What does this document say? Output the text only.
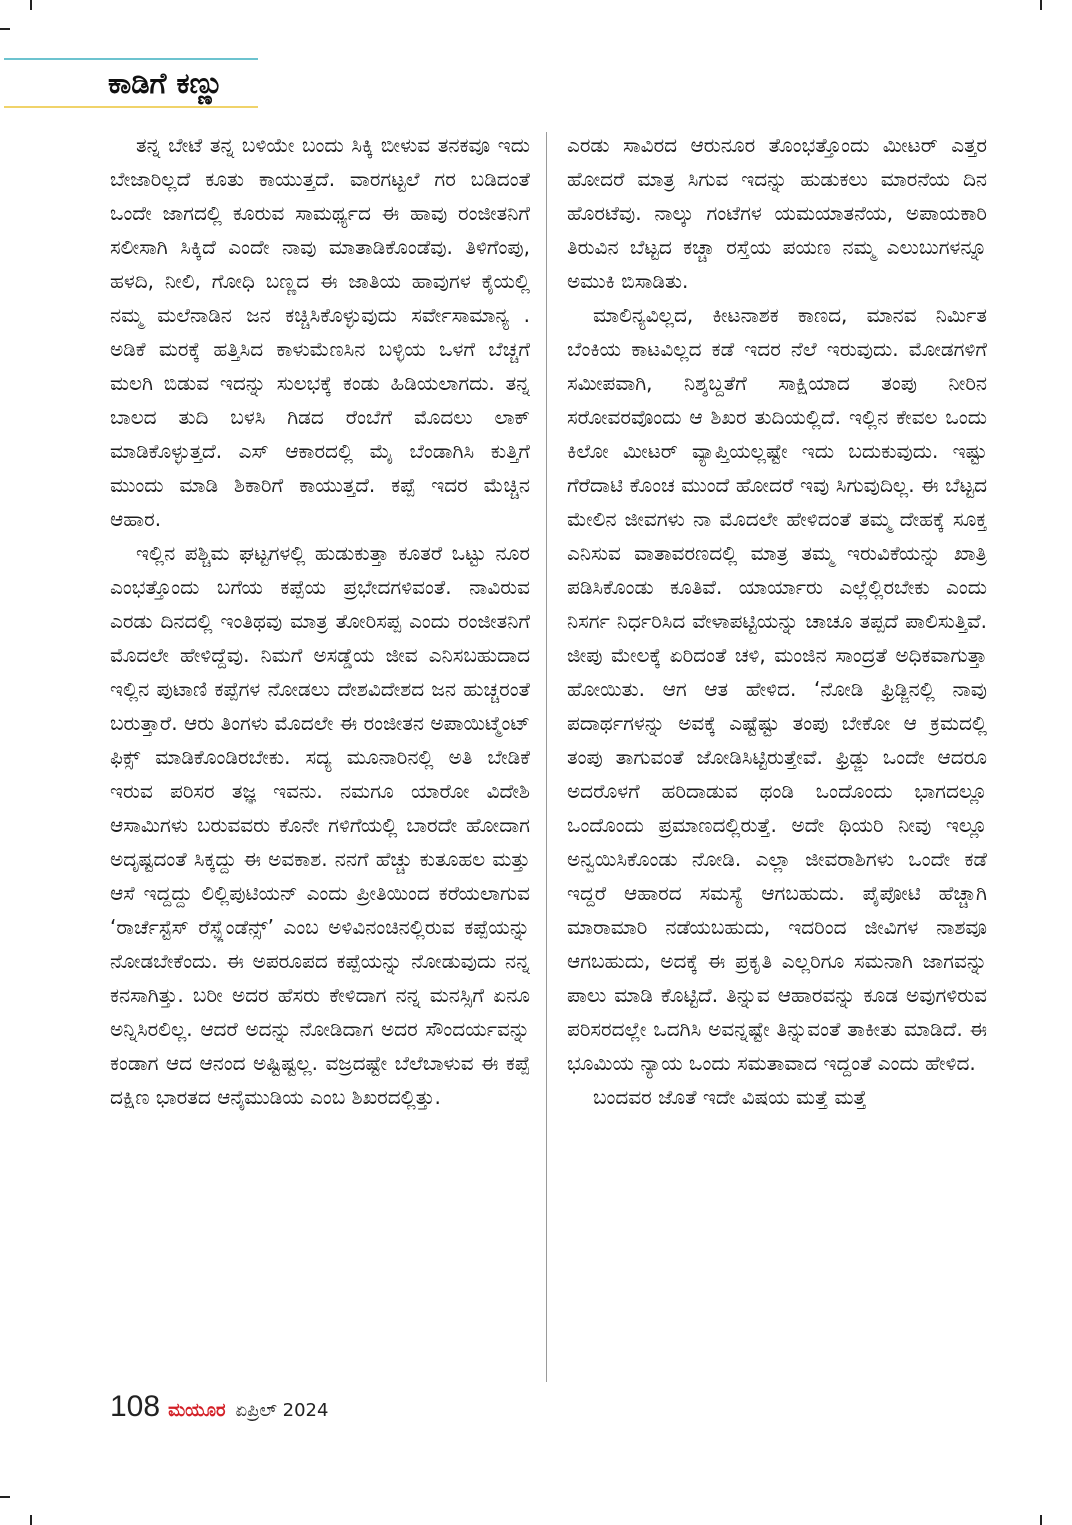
ಕಾಡಿಗೆ ಕಣ್ಣು

ತನ್ನ ಬೇಟೆ ತನ್ನ ಬಳಿಯೇ ಬಂದು ಸಿಕ್ಕಿ ಬೀಳುವ ತನಕವೂ ಇದು ಬೇಜಾರಿಲ್ಲದೆ ಕೂತು ಕಾಯುತ್ತದೆ. ವಾರಗಟ್ಟಲೆ ಗರ ಬಡಿದಂತೆ ಒಂದೇ ಜಾಗದಲ್ಲಿ ಕೂರುವ ಸಾಮರ್ಥ್ಯದ ಈ ಹಾವು ರಂಜೀತನಿಗೆ ಸಲೀಸಾಗಿ ಸಿಕ್ಕಿದೆ ಎಂದೇ ನಾವು ಮಾತಾಡಿಕೊಂಡೆವು. ತಿಳಿಗೆಂಪು, ಹಳದಿ, ನೀಲಿ, ಗೋಧಿ ಬಣ್ಣದ ಈ ಜಾತಿಯ ಹಾವುಗಳ ಕೈಯಲ್ಲಿ ನಮ್ಮ ಮಲೆನಾಡಿನ ಜನ ಕಚ್ಚಿಸಿಕೊಳ್ಳುವುದು ಸರ್ವೇಸಾಮಾನ್ಯ . ಅಡಿಕೆ ಮರಕ್ಕೆ ಹತ್ತಿಸಿದ ಕಾಳುಮೆಣಸಿನ ಬಳ್ಳಿಯ ಒಳಗೆ ಬೆಚ್ಚಗೆ ಮಲಗಿ ಬಿಡುವ ಇದನ್ನು ಸುಲಭಕ್ಕೆ ಕಂಡು ಹಿಡಿಯಲಾಗದು. ತನ್ನ ಬಾಲದ ತುದಿ ಬಳಸಿ ಗಿಡದ ರೆಂಬೆಗೆ ಮೊದಲು ಲಾಕ್ ಮಾಡಿಕೊಳ್ಳುತ್ತದೆ. ಎಸ್ ಆಕಾರದಲ್ಲಿ ಮೈ ಬೆಂಡಾಗಿಸಿ ಕುತ್ತಿಗೆ ಮುಂದು ಮಾಡಿ ಶಿಕಾರಿಗೆ ಕಾಯುತ್ತದೆ. ಕಪ್ಪೆ ಇದರ ಮೆಚ್ಚಿನ ಆಹಾರ.

ಇಲ್ಲಿನ ಪಶ್ಚಿಮ ಘಟ್ಟಗಳಲ್ಲಿ ಹುಡುಕುತ್ತಾ ಕೂತರೆ ಒಟ್ಟು ನೂರ ಎಂಭತ್ತೊಂದು ಬಗೆಯ ಕಪ್ಪೆಯ ಪ್ರಭೇದಗಳಿವಂತೆ. ನಾವಿರುವ ಎರಡು ದಿನದಲ್ಲಿ ಇಂತಿಥವು ಮಾತ್ರ ತೋರಿಸಪ್ಪ ಎಂದು ರಂಜೀತನಿಗೆ ಮೊದಲೇ ಹೇಳಿದ್ದೆವು. ನಿಮಗೆ ಅಸಡ್ಡೆಯ ಜೀವ ಎನಿಸಬಹುದಾದ ಇಲ್ಲಿನ ಪುಟಾಣಿ ಕಪ್ಪೆಗಳ ನೋಡಲು ದೇಶವಿದೇಶದ ಜನ ಹುಚ್ಚರಂತೆ ಬರುತ್ತಾರೆ. ಆರು ತಿಂಗಳು ಮೊದಲೇ ಈ ರಂಜೀತನ ಅಪಾಯಿಟ್ಮೆಂಟ್ ಫಿಕ್ಸ್ ಮಾಡಿಕೊಂಡಿರಬೇಕು. ಸದ್ಯ ಮೂನಾರಿನಲ್ಲಿ ಅತಿ ಬೇಡಿಕೆ ಇರುವ ಪರಿಸರ ತಜ್ಞ ಇವನು. ನಮಗೂ ಯಾರೋ ವಿದೇಶಿ ಆಸಾಮಿಗಳು ಬರುವವರು ಕೊನೇ ಗಳಿಗೆಯಲ್ಲಿ ಬಾರದೇ ಹೋದಾಗ ಅದೃಷ್ಟದಂತೆ ಸಿಕ್ಕದ್ದು ಈ ಅವಕಾಶ. ನನಗೆ ಹೆಚ್ಚು ಕುತೂಹಲ ಮತ್ತು ಆಸೆ ಇದ್ದದ್ದು ಲಿಲ್ಲಿಪುಟಿಯನ್ ಎಂದು ಪ್ರೀತಿಯಿಂದ ಕರೆಯಲಾಗುವ ‘ರಾರ್ಚೆಸ್ಟೆಸ್ ರೆಸ್ಪ್ಲೆಂಡೆನ್ಸ್’ ಎಂಬ ಅಳಿವಿನಂಚಿನಲ್ಲಿರುವ ಕಪ್ಪೆಯನ್ನು ನೋಡಬೇಕೆಂದು. ಈ ಅಪರೂಪದ ಕಪ್ಪೆಯನ್ನು ನೋಡುವುದು ನನ್ನ ಕನಸಾಗಿತ್ತು. ಬರೀ ಅದರ ಹೆಸರು ಕೇಳಿದಾಗ ನನ್ನ ಮನಸ್ಸಿಗೆ ಏನೂ ಅನ್ನಿಸಿರಲಿಲ್ಲ. ಆದರೆ ಅದನ್ನು ನೋಡಿದಾಗ ಅದರ ಸೌಂದರ್ಯವನ್ನು ಕಂಡಾಗ ಆದ ಆನಂದ ಅಷ್ಟಿಷ್ಟಲ್ಲ. ವಜ್ರದಷ್ಟೇ ಬೆಲೆಬಾಳುವ ಈ ಕಪ್ಪೆ ದಕ್ಷಿಣ ಭಾರತದ ಆನೈಮುಡಿಯ ಎಂಬ ಶಿಖರದಲ್ಲಿತ್ತು.

ಎರಡು ಸಾವಿರದ ಆರುನೂರ ತೊಂಭತ್ತೊಂದು ಮೀಟರ್ ಎತ್ತರ ಹೋದರೆ ಮಾತ್ರ ಸಿಗುವ ಇದನ್ನು ಹುಡುಕಲು ಮಾರನೆಯ ದಿನ ಹೊರಟೆವು. ನಾಲ್ಕು ಗಂಟೆಗಳ ಯಮಯಾತನೆಯ, ಅಪಾಯಕಾರಿ ತಿರುವಿನ ಬೆಟ್ಟದ ಕಚ್ಚಾ ರಸ್ತೆಯ ಪಯಣ ನಮ್ಮ ಎಲುಬುಗಳನ್ನೂ ಅಮುಕಿ ಬಿಸಾಡಿತು.

ಮಾಲಿನ್ಯವಿಲ್ಲದ, ಕೀಟನಾಶಕ ಕಾಣದ, ಮಾನವ ನಿರ್ಮಿತ ಬೆಂಕಿಯ ಕಾಟವಿಲ್ಲದ ಕಡೆ ಇದರ ನೆಲೆ ಇರುವುದು. ಮೋಡಗಳಿಗೆ ಸಮೀಪವಾಗಿ, ನಿಶ್ಶಬ್ದತೆಗೆ ಸಾಕ್ಷಿಯಾದ ತಂಪು ನೀರಿನ ಸರೋವರವೊಂದು ಆ ಶಿಖರ ತುದಿಯಲ್ಲಿದೆ. ಇಲ್ಲಿನ ಕೇವಲ ಒಂದು ಕಿಲೋ ಮೀಟರ್ ವ್ಯಾಪ್ತಿಯಲ್ಲಷ್ಟೇ ಇದು ಬದುಕುವುದು. ಇಷ್ಟು ಗೆರೆದಾಟಿ ಕೊಂಚ ಮುಂದೆ ಹೋದರೆ ಇವು ಸಿಗುವುದಿಲ್ಲ. ಈ ಬೆಟ್ಟದ ಮೇಲಿನ ಜೀವಗಳು ನಾ ಮೊದಲೇ ಹೇಳಿದಂತೆ ತಮ್ಮ ದೇಹಕ್ಕೆ ಸೂಕ್ತ ಎನಿಸುವ ವಾತಾವರಣದಲ್ಲಿ ಮಾತ್ರ ತಮ್ಮ ಇರುವಿಕೆಯನ್ನು ಖಾತ್ರಿ ಪಡಿಸಿಕೊಂಡು ಕೂತಿವೆ. ಯಾರ್ಯಾರು ಎಲ್ಲೆಲ್ಲಿರಬೇಕು ಎಂದು ನಿಸರ್ಗ ನಿರ್ಧರಿಸಿದ ವೇಳಾಪಟ್ಟಿಯನ್ನು ಚಾಚೂ ತಪ್ಪದೆ ಪಾಲಿಸುತ್ತಿವೆ. ಜೀಪು ಮೇಲಕ್ಕೆ ಏರಿದಂತೆ ಚಳಿ, ಮಂಜಿನ ಸಾಂದ್ರತೆ ಅಧಿಕವಾಗುತ್ತಾ ಹೋಯಿತು. ಆಗ ಆತ ಹೇಳಿದ. ‘ನೋಡಿ ಫ್ರಿಡ್ಜಿನಲ್ಲಿ ನಾವು ಪದಾರ್ಥಗಳನ್ನು ಅವಕ್ಕೆ ಎಷ್ಟೆಷ್ಟು ತಂಪು ಬೇಕೋ ಆ ಕ್ರಮದಲ್ಲಿ ತಂಪು ತಾಗುವಂತೆ ಜೋಡಿಸಿಟ್ಟಿರುತ್ತೇವೆ. ಫ್ರಿಡ್ಜು ಒಂದೇ ಆದರೂ ಅದರೊಳಗೆ ಹರಿದಾಡುವ ಥಂಡಿ ಒಂದೊಂದು ಭಾಗದಲ್ಲೂ ಒಂದೊಂದು ಪ್ರಮಾಣದಲ್ಲಿರುತ್ತೆ. ಅದೇ ಥಿಯರಿ ನೀವು ಇಲ್ಲೂ ಅನ್ವಯಿಸಿಕೊಂಡು ನೋಡಿ. ಎಲ್ಲಾ ಜೀವರಾಶಿಗಳು ಒಂದೇ ಕಡೆ ಇದ್ದರೆ ಆಹಾರದ ಸಮಸ್ಯೆ ಆಗಬಹುದು. ಪೈಪೋಟಿ ಹೆಚ್ಚಾಗಿ ಮಾರಾಮಾರಿ ನಡೆಯಬಹುದು, ಇದರಿಂದ ಜೀವಿಗಳ ನಾಶವೂ ಆಗಬಹುದು, ಅದಕ್ಕೆ ಈ ಪ್ರಕೃತಿ ಎಲ್ಲರಿಗೂ ಸಮನಾಗಿ ಜಾಗವನ್ನು ಪಾಲು ಮಾಡಿ ಕೊಟ್ಟಿದೆ. ತಿನ್ನುವ ಆಹಾರವನ್ನು ಕೂಡ ಅವುಗಳಿರುವ ಪರಿಸರದಲ್ಲೇ ಒದಗಿಸಿ ಅವನ್ನಷ್ಟೇ ತಿನ್ನುವಂತೆ ತಾಕೀತು ಮಾಡಿದೆ. ಈ ಭೂಮಿಯ ನ್ಯಾಯ ಒಂದು ಸಮತಾವಾದ ಇದ್ದಂತೆ ಎಂದು ಹೇಳಿದ.

ಬಂದವರ ಜೊತೆ ಇದೇ ವಿಷಯ ಮತ್ತೆ ಮತ್ತೆ

108 ಮಯೂರ ಏಪ್ರಿಲ್ 2024
